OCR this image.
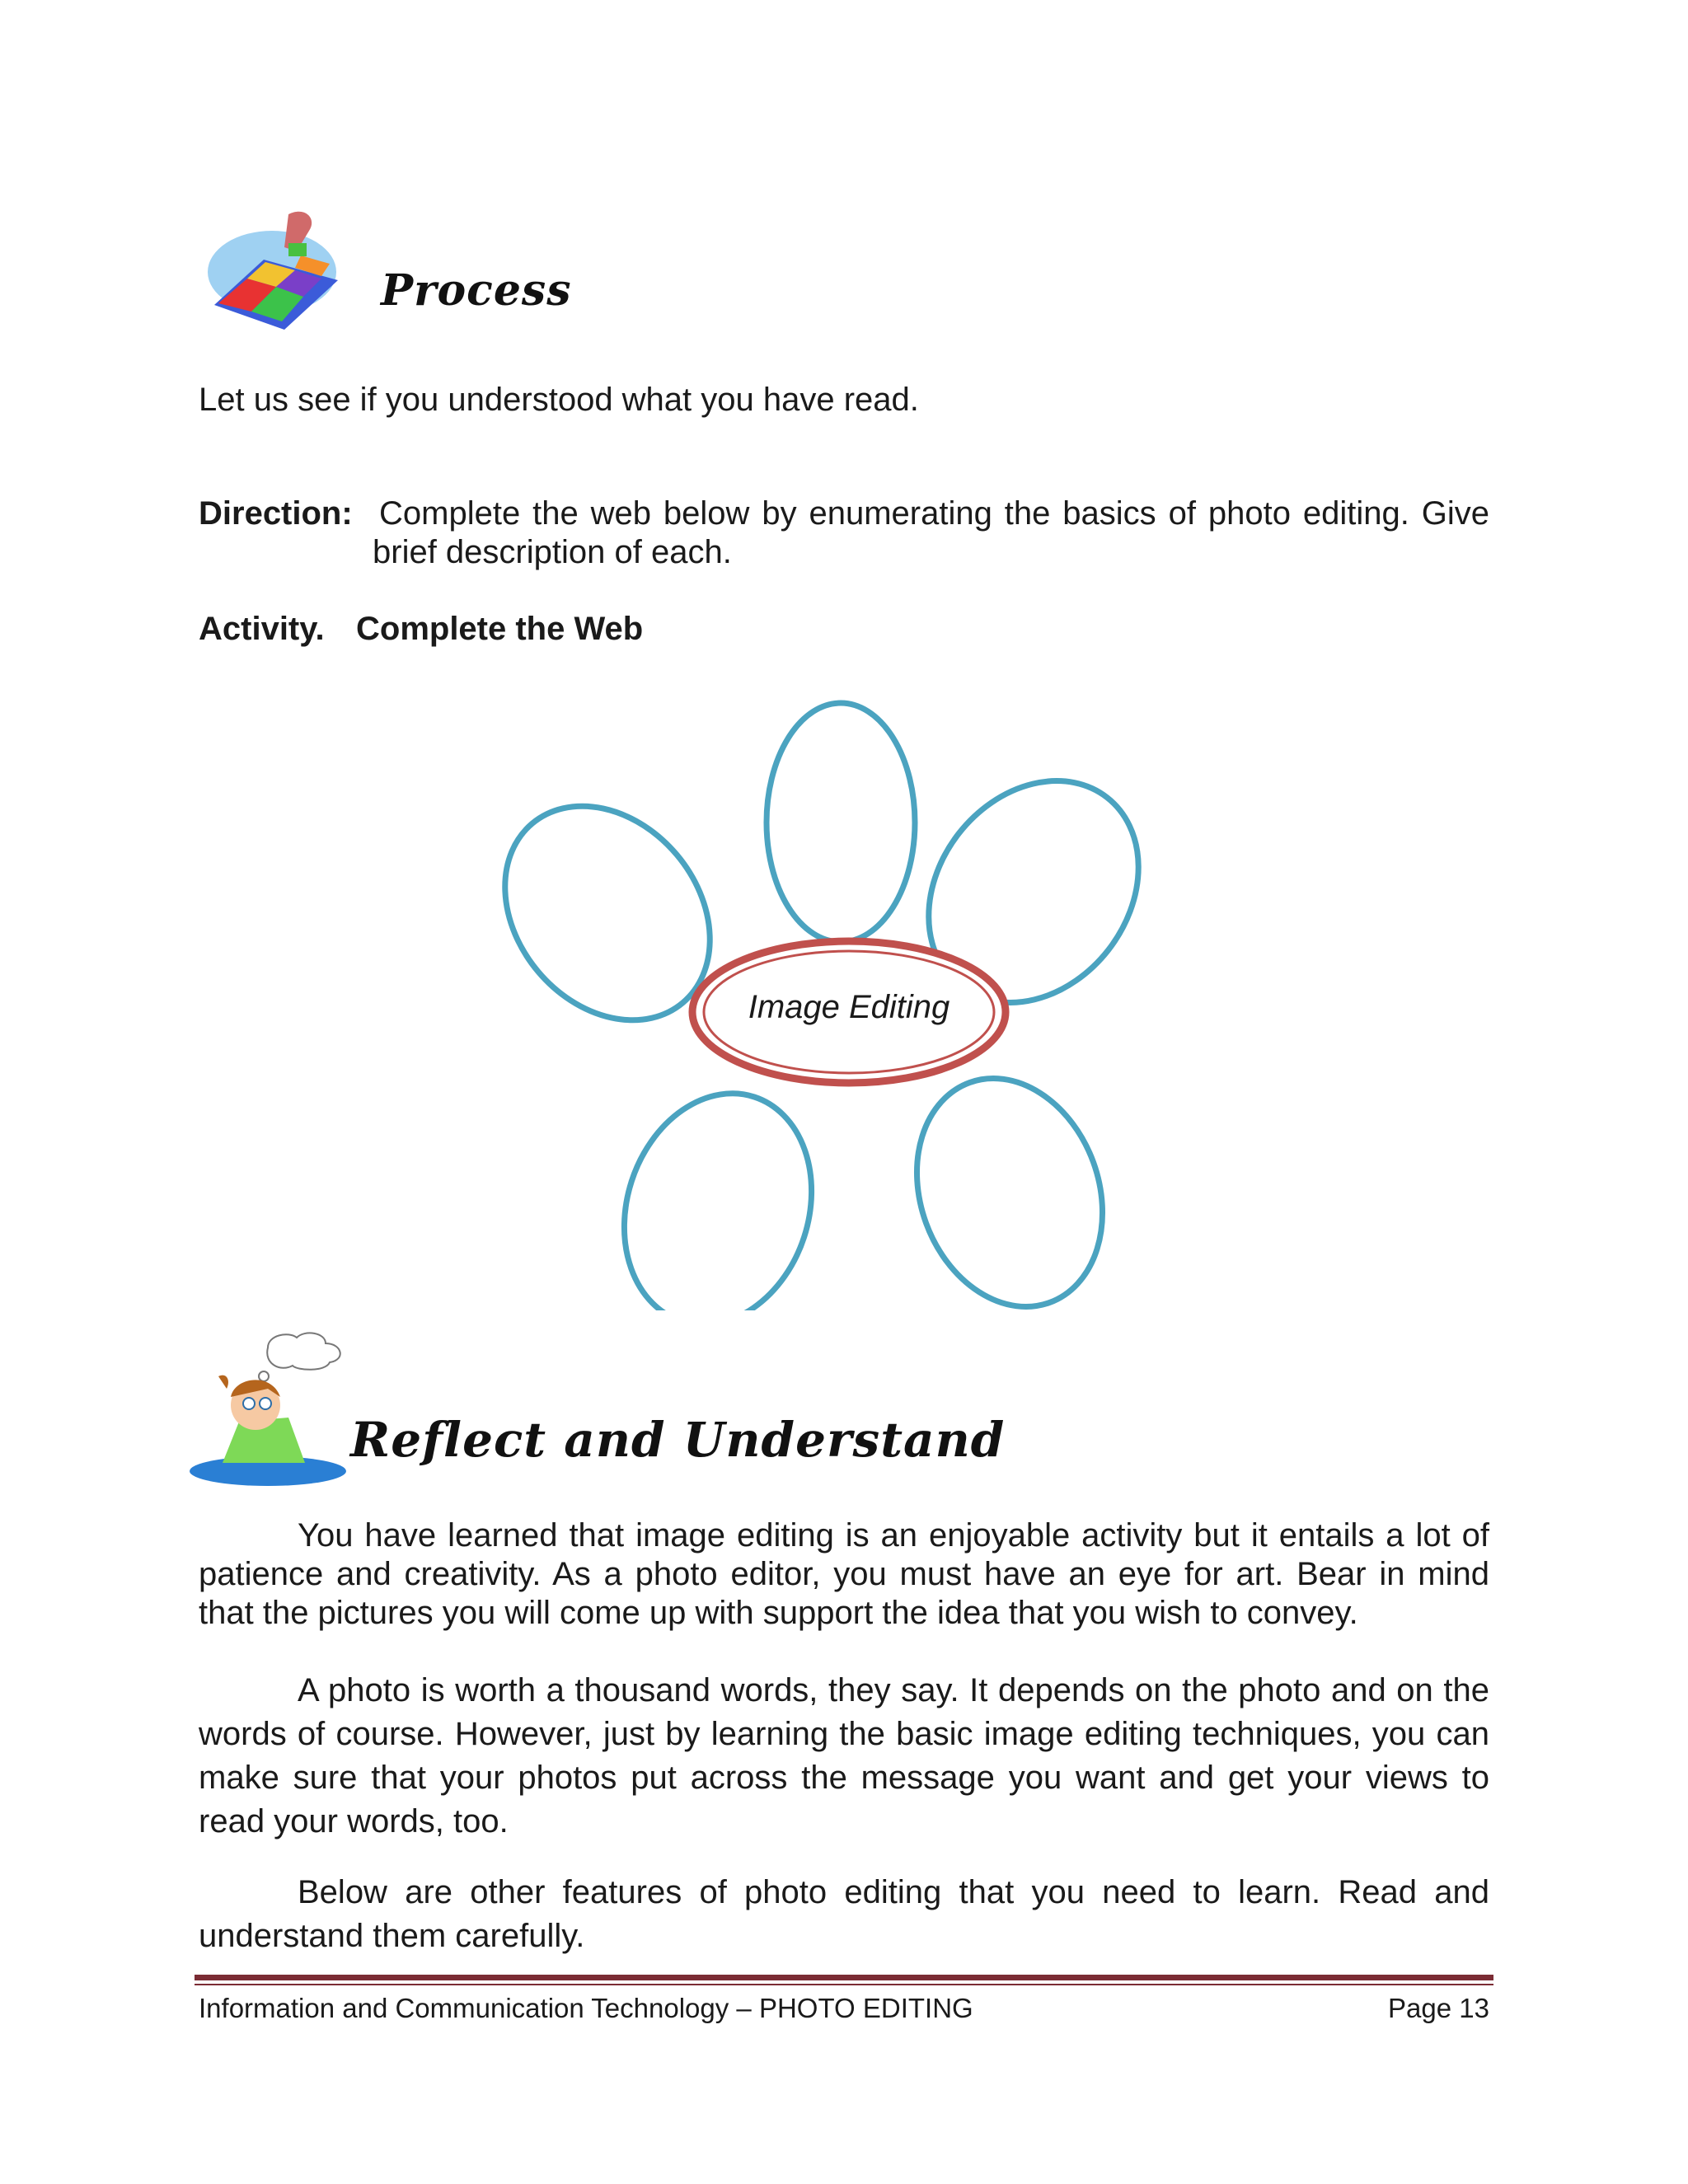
Process
Let us see if you understood what you have read.
Direction: Complete the web below by enumerating the basics of photo editing. Give brief description of each.
Activity. Complete the Web
Image Editing
Reflect and Understand
You have learned that image editing is an enjoyable activity but it entails a lot of patience and creativity. As a photo editor, you must have an eye for art. Bear in mind that the pictures you will come up with support the idea that you wish to convey.
A photo is worth a thousand words, they say. It depends on the photo and on the words of course. However, just by learning the basic image editing techniques, you can make sure that your photos put across the message you want and get your views to read your words, too.
Below are other features of photo editing that you need to learn. Read and understand them carefully.
Information and Communication Technology – PHOTO EDITING	Page 13
